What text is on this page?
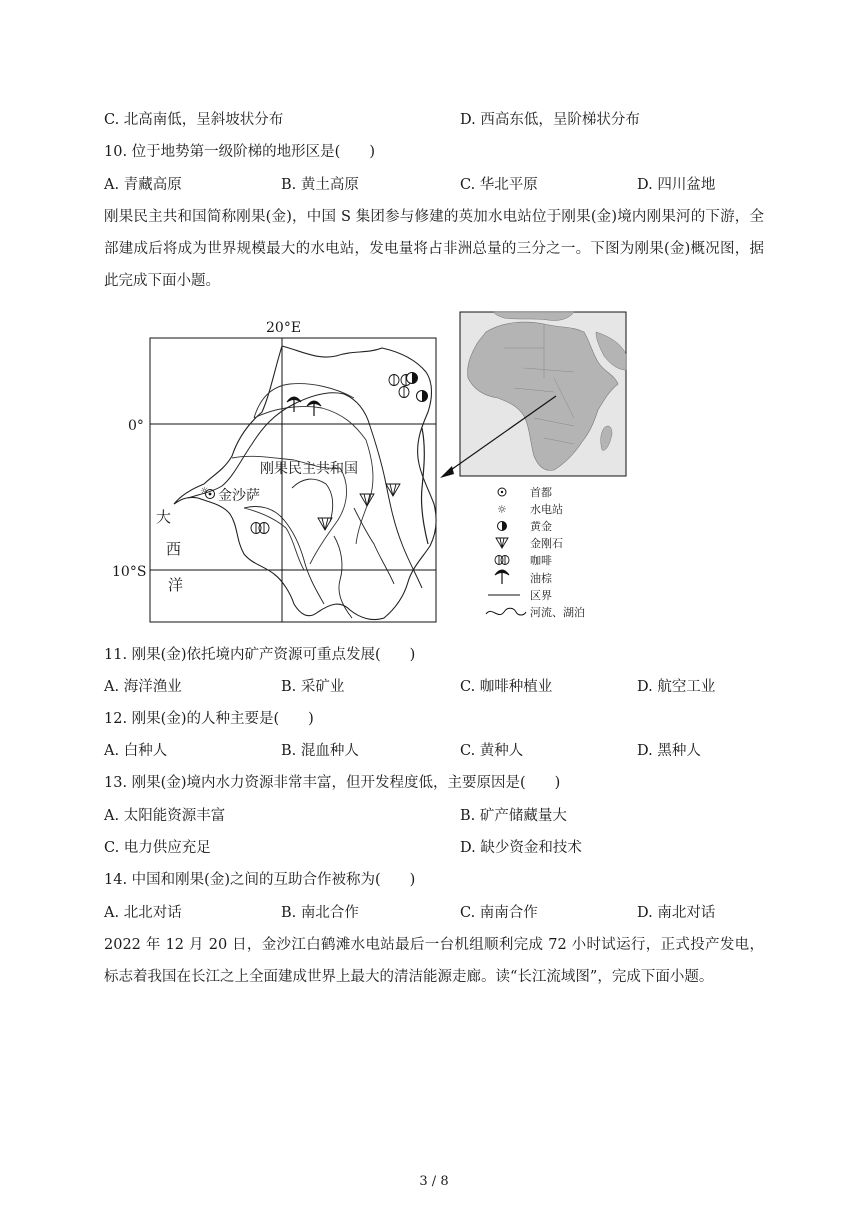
C. 北高南低，呈斜坡状分布	D. 西高东低，呈阶梯状分布
10. 位于地势第一级阶梯的地形区是(　　)
A. 青藏高原	B. 黄土高原	C. 华北平原	D. 四川盆地
刚果民主共和国简称刚果(金)，中国 S 集团参与修建的英加水电站位于刚果(金)境内刚果河的下游，全部建成后将成为世界规模最大的水电站，发电量将占非洲总量的三分之一。下图为刚果(金)概况图，据此完成下面小题。
20°E
0°
10°S
刚果民主共和国
☼ 金沙萨
大
西
洋
首都
☼ 水电站
黄金
金刚石
咖啡
油棕
区界
河流、湖泊
11. 刚果(金)依托境内矿产资源可重点发展(　　)
A. 海洋渔业	B. 采矿业	C. 咖啡种植业	D. 航空工业
12. 刚果(金)的人种主要是(　　)
A. 白种人	B. 混血种人	C. 黄种人	D. 黑种人
13. 刚果(金)境内水力资源非常丰富，但开发程度低，主要原因是(　　)
A. 太阳能资源丰富	B. 矿产储藏量大
C. 电力供应充足	D. 缺少资金和技术
14. 中国和刚果(金)之间的互助合作被称为(　　)
A. 北北对话	B. 南北合作	C. 南南合作	D. 南北对话
2022 年 12 月 20 日，金沙江白鹤滩水电站最后一台机组顺利完成 72 小时试运行，正式投产发电，标志着我国在长江之上全面建成世界上最大的清洁能源走廊。读“长江流域图”，完成下面小题。
3 / 8
